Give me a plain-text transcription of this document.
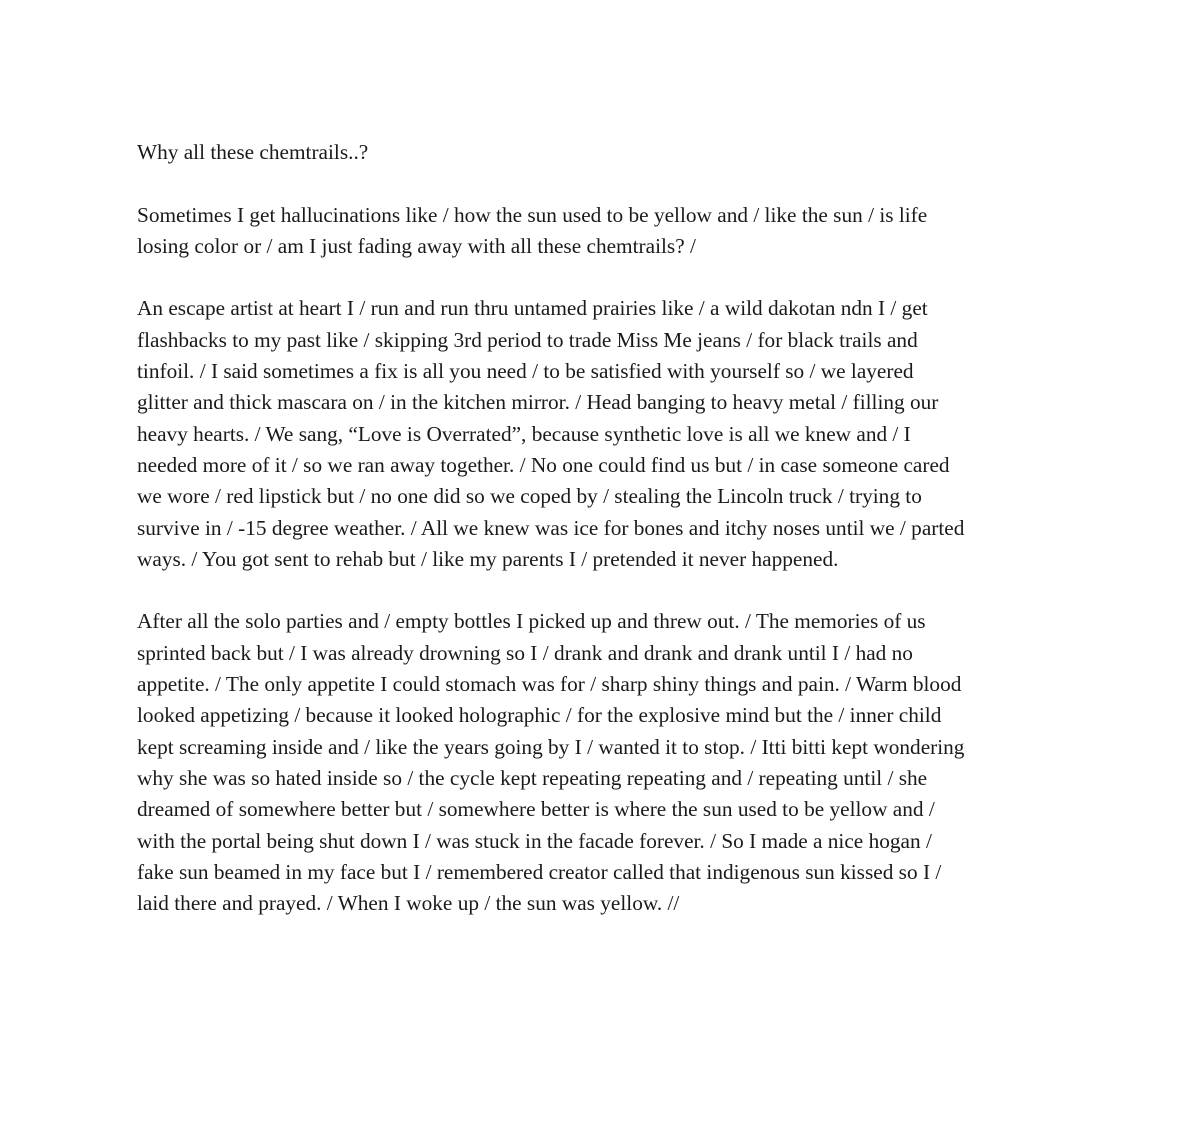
Why all these chemtrails..?
Sometimes I get hallucinations like / how the sun used to be yellow and / like the sun / is life
losing color or / am I just fading away with all these chemtrails? /
An escape artist at heart I / run and run thru untamed prairies like / a wild dakotan ndn I / get
flashbacks to my past like / skipping 3rd period to trade Miss Me jeans / for black trails and
tinfoil. / I said sometimes a fix is all you need / to be satisfied with yourself so / we layered
glitter and thick mascara on / in the kitchen mirror. / Head banging to heavy metal / filling our
heavy hearts. / We sang, “Love is Overrated”, because synthetic love is all we knew and / I
needed more of it / so we ran away together. / No one could find us but / in case someone cared
we wore / red lipstick but / no one did so we coped by / stealing the Lincoln truck / trying to
survive in / -15 degree weather. / All we knew was ice for bones and itchy noses until we / parted
ways. / You got sent to rehab but / like my parents I / pretended it never happened.
After all the solo parties and / empty bottles I picked up and threw out. / The memories of us
sprinted back but / I was already drowning so I / drank and drank and drank until I / had no
appetite. / The only appetite I could stomach was for / sharp shiny things and pain. / Warm blood
looked appetizing / because it looked holographic / for the explosive mind but the / inner child
kept screaming inside and / like the years going by I / wanted it to stop. / Itti bitti kept wondering
why she was so hated inside so / the cycle kept repeating repeating and / repeating until / she
dreamed of somewhere better but / somewhere better is where the sun used to be yellow and /
with the portal being shut down I / was stuck in the facade forever. / So I made a nice hogan /
fake sun beamed in my face but I / remembered creator called that indigenous sun kissed so I /
laid there and prayed. / When I woke up / the sun was yellow. //
